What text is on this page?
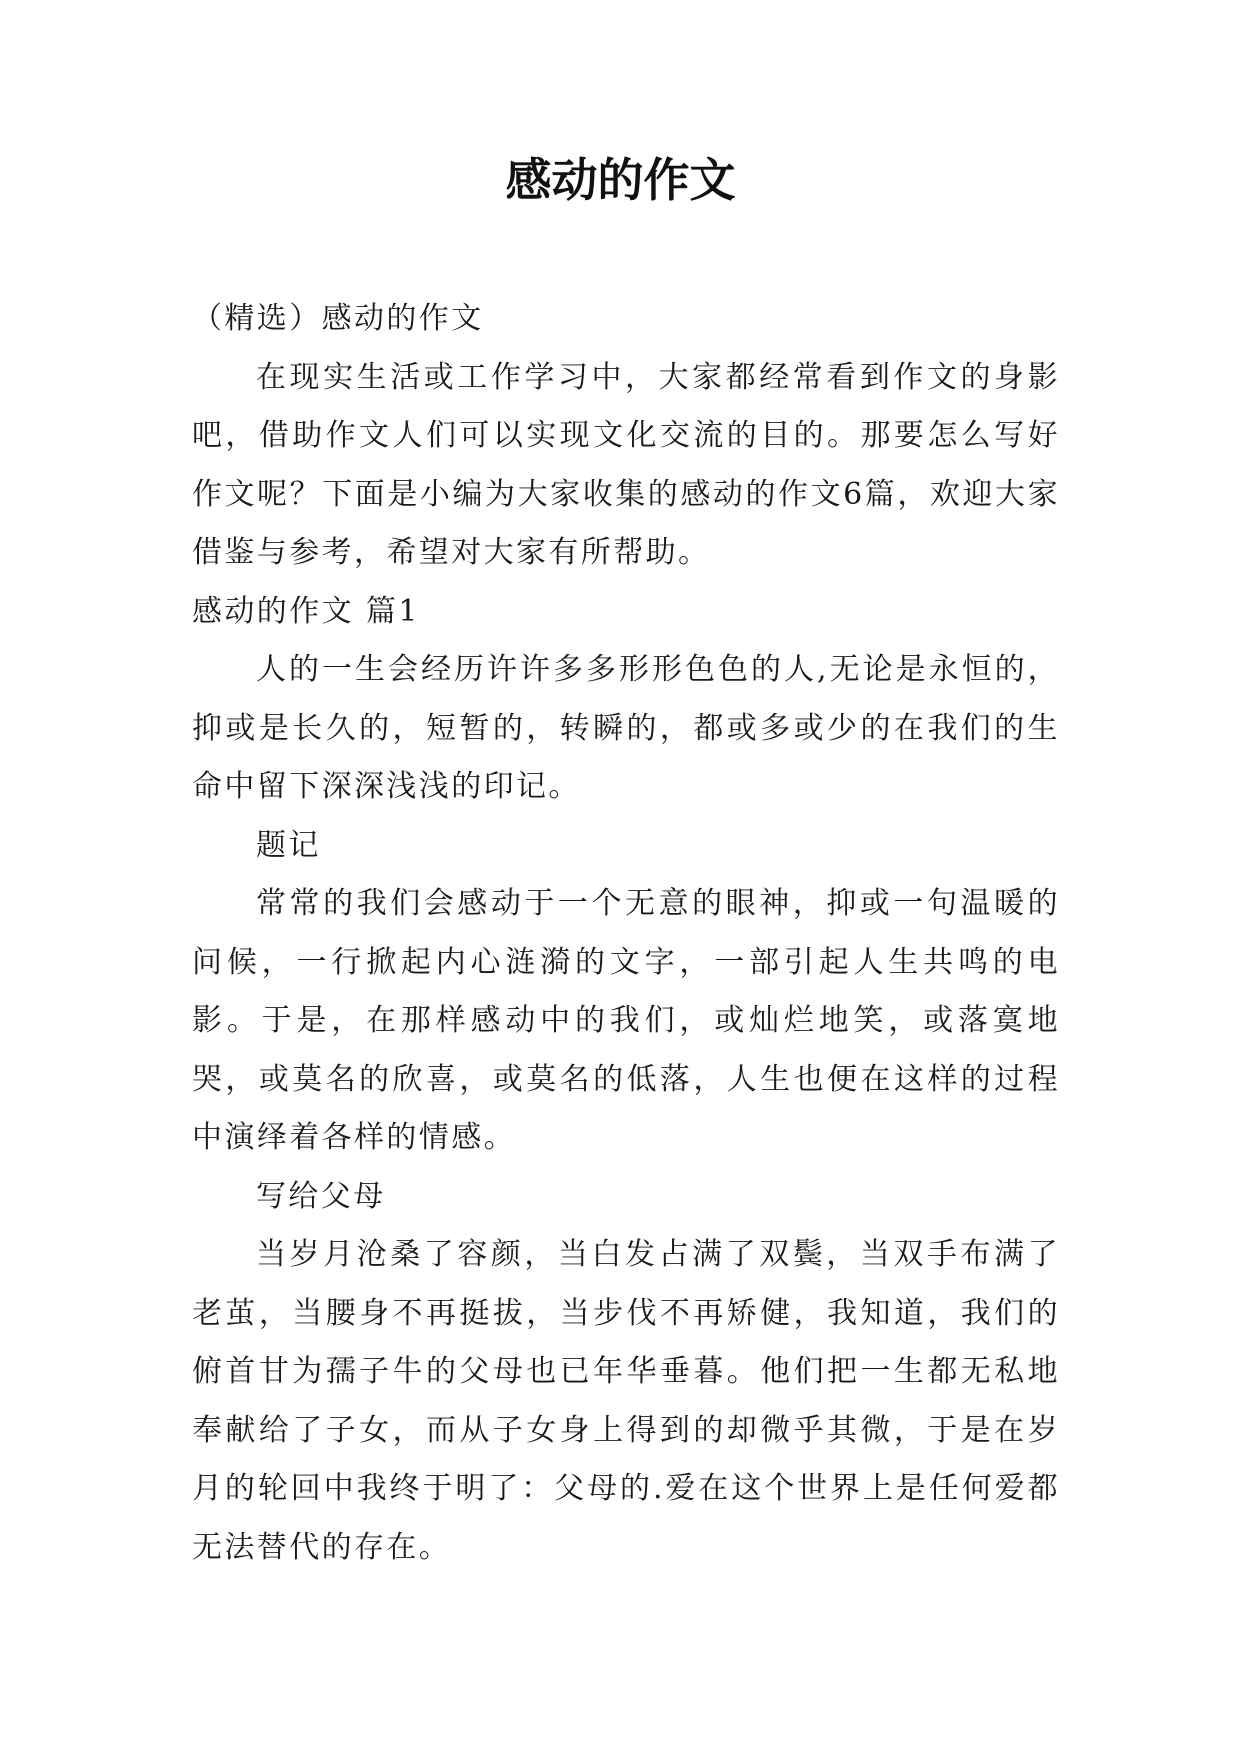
感动的作文

（精选）感动的作文

在现实生活或工作学习中，大家都经常看到作文的身影吧，借助作文人们可以实现文化交流的目的。那要怎么写好作文呢？下面是小编为大家收集的感动的作文6篇，欢迎大家借鉴与参考，希望对大家有所帮助。

感动的作文 篇1

人的一生会经历许许多多形形色色的人,无论是永恒的，抑或是长久的，短暂的，转瞬的，都或多或少的在我们的生命中留下深深浅浅的印记。

题记

常常的我们会感动于一个无意的眼神，抑或一句温暖的问候，一行掀起内心涟漪的文字，一部引起人生共鸣的电影。于是，在那样感动中的我们，或灿烂地笑，或落寞地哭，或莫名的欣喜，或莫名的低落，人生也便在这样的过程中演绎着各样的情感。

写给父母

当岁月沧桑了容颜，当白发占满了双鬓，当双手布满了老茧，当腰身不再挺拔，当步伐不再矫健，我知道，我们的俯首甘为孺子牛的父母也已年华垂暮。他们把一生都无私地奉献给了子女，而从子女身上得到的却微乎其微，于是在岁月的轮回中我终于明了：父母的.爱在这个世界上是任何爱都无法替代的存在。
